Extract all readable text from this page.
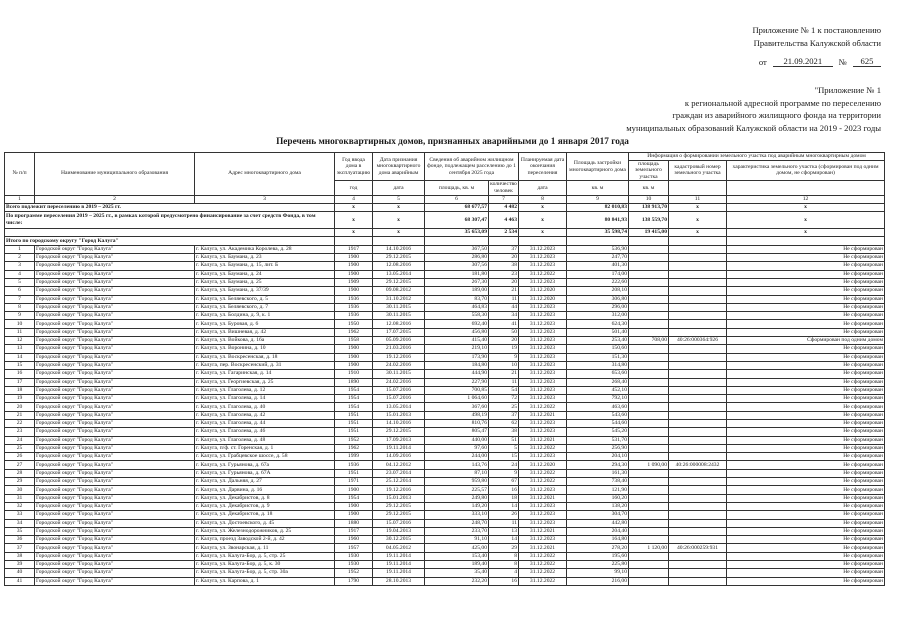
Приложение № 1 к постановлению
Правительства Калужской области
от	21.09.2021	№	625
"Приложение № 1
к региональной адресной программе по переселению
граждан из аварийного жилищного фонда на территории
муниципальных образований Калужской области на 2019 - 2023 годы
Перечень многоквартирных домов, признанных аварийными до 1 января 2017 года
№ п/п	Наименование муниципального образования	Адрес многоквартирного дома	Год ввода дома в эксплуатацию	Дата признания многоквартирного дома аварийным	Сведения об аварийном жилищном фонде, подлежащем расселению до 1 сентября 2025 года		Планируемая дата окончания переселения	Площадь застройки многоквартирного дома	Информация о формировании земельного участка под аварийным многоквартирным домом		
									площадь земельного участка	кадастровый номер земельного участка	характеристика земельного участка (сформирован под одним домом, не сформирован)
			год	дата	площадь, кв. м	количество человек	дата	кв. м	кв. м		
1	2	3	4	5	6	7	8	9	10	11	12
Всего подлежит переселению в 2019 – 2025 гг.			х	х	68 677,57	4 482	х	82 010,83	138 913,70	х	х
По программе переселения 2019 – 2025 гг., в рамках которой предусмотрено финансирование за счет средств Фонда, в том числе:			х	х	68 307,47	4 463	х	80 841,93	138 559,70	х	х
			х	х	35 653,09	2 534	х	35 598,74	19 415,00	х	х
Итого по городскому округу "Город Калуга"											
1	Городской округ "Город Калуга"	г. Калуга, ул. Академика Королева, д. 28	1917	14.10.2016	367,50	37	31.12.2023	536,90			Не сформирован
2	Городской округ "Город Калуга"	г. Калуга, ул. Баумана, д. 23	1900	29.12.2015	286,80	20	31.12.2023	247,70			Не сформирован
3	Городской округ "Город Калуга"	г. Калуга, ул. Баумана, д. 15, лит. Б	1900	12.08.2016	307,56	38	31.12.2023	401,30			Не сформирован
4	Городской округ "Город Калуга"	г. Калуга, ул. Баумана, д. 24	1900	13.05.2014	181,80	23	31.12.2022	174,00			Не сформирован
5	Городской округ "Город Калуга"	г. Калуга, ул. Баумана, д. 25	1909	29.12.2015	267,30	20	31.12.2023	222,60			Не сформирован
6	Городской округ "Город Калуга"	г. Калуга, ул. Баумана, д. 37/39	1900	09.08.2012	189,00	21	31.12.2020	208,10			Не сформирован
7	Городской округ "Город Калуга"	г. Калуга, ул. Беляевского, д. 5	1936	31.10.2012	83,70	11	31.12.2020	306,80			Не сформирован
8	Городской округ "Город Калуга"	г. Калуга, ул. Беляевского, д. 7	1936	30.11.2015	464,83	44	31.12.2023	296,00			Не сформирован
9	Городской округ "Город Калуга"	г. Калуга, ул. Болдина, д. 9, к. 1	1936	30.11.2015	558,30	34	31.12.2023	312,00			Не сформирован
10	Городской округ "Город Калуга"	г. Калуга, ул. Буровая, д. 6	1950	12.08.2016	692,40	41	31.12.2023	624,30			Не сформирован
11	Городской округ "Город Калуга"	г. Калуга, ул. Вишневая, д. 42	1962	17.07.2015	456,80	50	31.12.2023	501,40			Не сформирован
12	Городской округ "Город Калуга"	г. Калуга, ул. Войкова, д. 16а	1958	05.09.2016	415,40	20	31.12.2023	253,40	708,00	40:26:000364:926	Сформирован под одним домом
13	Городской округ "Город Калуга"	г. Калуга, ул. Воронина, д. 10	1900	21.03.2016	219,10	19	31.12.2023	150,60			Не сформирован
14	Городской округ "Город Калуга"	г. Калуга, ул. Воскресенская, д. 18	1900	19.12.2016	173,90	9	31.12.2023	151,30			Не сформирован
15	Городской округ "Город Калуга"	г. Калуга, пер. Воскресенский, д. 31	1900	24.02.2016	184,80	10	31.12.2023	314,80			Не сформирован
16	Городской округ "Город Калуга"	г. Калуга, ул. Гагаринская, д. 14	1910	30.11.2015	444,90	21	31.12.2023	653,60			Не сформирован
17	Городской округ "Город Калуга"	г. Калуга, ул. Георгиевская, д. 25	1890	24.02.2016	227,90	11	31.12.2023	268,40			Не сформирован
18	Городской округ "Город Калуга"	г. Калуга, ул. Глаголева, д. 12	1954	15.07.2016	700,85	54	31.12.2023	452,10			Не сформирован
19	Городской округ "Город Калуга"	г. Калуга, ул. Глаголева, д. 14	1954	15.07.2016	1 064,60	72	31.12.2023	792,10			Не сформирован
20	Городской округ "Город Калуга"	г. Калуга, ул. Глаголева, д. 40	1954	13.05.2014	367,60	25	31.12.2022	463,60			Не сформирован
21	Городской округ "Город Калуга"	г. Калуга, ул. Глаголева, д. 42	1951	15.01.2013	498,19	37	31.12.2021	543,60			Не сформирован
22	Городской округ "Город Калуга"	г. Калуга, ул. Глаголева, д. 44	1951	14.10.2016	810,76	62	31.12.2023	544,60			Не сформирован
23	Городской округ "Город Калуга"	г. Калуга, ул. Глаголева, д. 46	1951	29.12.2015	805,47	38	31.12.2023	545,20			Не сформирован
24	Городской округ "Город Калуга"	г. Калуга, ул. Глаголева, д. 48	1952	17.09.2013	440,00	51	31.12.2021	531,70			Не сформирован
25	Городской округ "Город Калуга"	г. Калуга, п/ф. ст. Горенская, д. 1	1962	19.11.2014	97,60	5	31.12.2022	256,90			Не сформирован
26	Городской округ "Город Калуга"	г. Калуга, ул. Грабцевское шоссе, д. 58	1999	14.09.2016	244,00	15	31.12.2023	204,10			Не сформирован
27	Городской округ "Город Калуга"	г. Калуга, ул. Гурьянова, д. 67а	1936	04.12.2012	143,76	24	31.12.2020	294,30	1 090,00	40:26:000008:2432	Не сформирован
28	Городской округ "Город Калуга"	г. Калуга, ул. Гурьянова, д. 67А	1951	23.07.2014	87,10	9	31.12.2022	161,30			Не сформирован
29	Городской округ "Город Калуга"	г. Калуга, ул. Дальняя, д. 27	1971	25.12.2014	959,80	67	31.12.2022	738,40			Не сформирован
30	Городской округ "Город Калуга"	г. Калуга, ул. Дарвина, д. 16	1900	19.12.2016	225,57	16	31.12.2023	121,90			Не сформирован
31	Городской округ "Город Калуга"	г. Калуга, ул. Декабристов, д. 8	1954	15.01.2013	249,80	18	31.12.2021	160,20			Не сформирован
32	Городской округ "Город Калуга"	г. Калуга, ул. Декабристов, д. 9	1900	29.12.2015	149,20	14	31.12.2023	138,20			Не сформирован
33	Городской округ "Город Калуга"	г. Калуга, ул. Декабристов, д. 18	1900	29.12.2015	333,10	26	31.12.2023	304,70			Не сформирован
34	Городской округ "Город Калуга"	г. Калуга, ул. Достоевского, д. 45	1880	15.07.2016	248,70	11	31.12.2023	442,80			Не сформирован
35	Городской округ "Город Калуга"	г. Калуга, ул. Железнодорожников, д. 25	1917	19.04.2013	233,70	13	31.12.2021	204,40			Не сформирован
36	Городской округ "Город Калуга"	г. Калуга, проезд Заводской 2-й, д. 42	1960	30.12.2015	91,10	14	31.12.2023	164,80			Не сформирован
37	Городской округ "Город Калуга"	г. Калуга, ул. Звонарская, д. 11	1957	04.05.2012	425,00	29	31.12.2021	278,20	1 120,00	40:26:000259:931	Не сформирован
38	Городской округ "Город Калуга"	г. Калуга, ул. Калуга-Бор, д. 5, стр. 25	1930	19.11.2014	153,40	8	31.12.2022	195,60			Не сформирован
39	Городской округ "Город Калуга"	г. Калуга, ул. Калуга-Бор, д. 5, к. 30	1930	19.11.2014	189,40	8	31.12.2022	225,80			Не сформирован
40	Городской округ "Город Калуга"	г. Калуга, ул. Калуга-Бор, д. 5, стр. 30а	1952	19.11.2014	35,40	4	31.12.2022	99,10			Не сформирован
41	Городской округ "Город Калуга"	г. Калуга, ул. Карпова, д. 1	1790	28.10.2013	232,20	16	31.12.2022	216,00			Не сформирован
